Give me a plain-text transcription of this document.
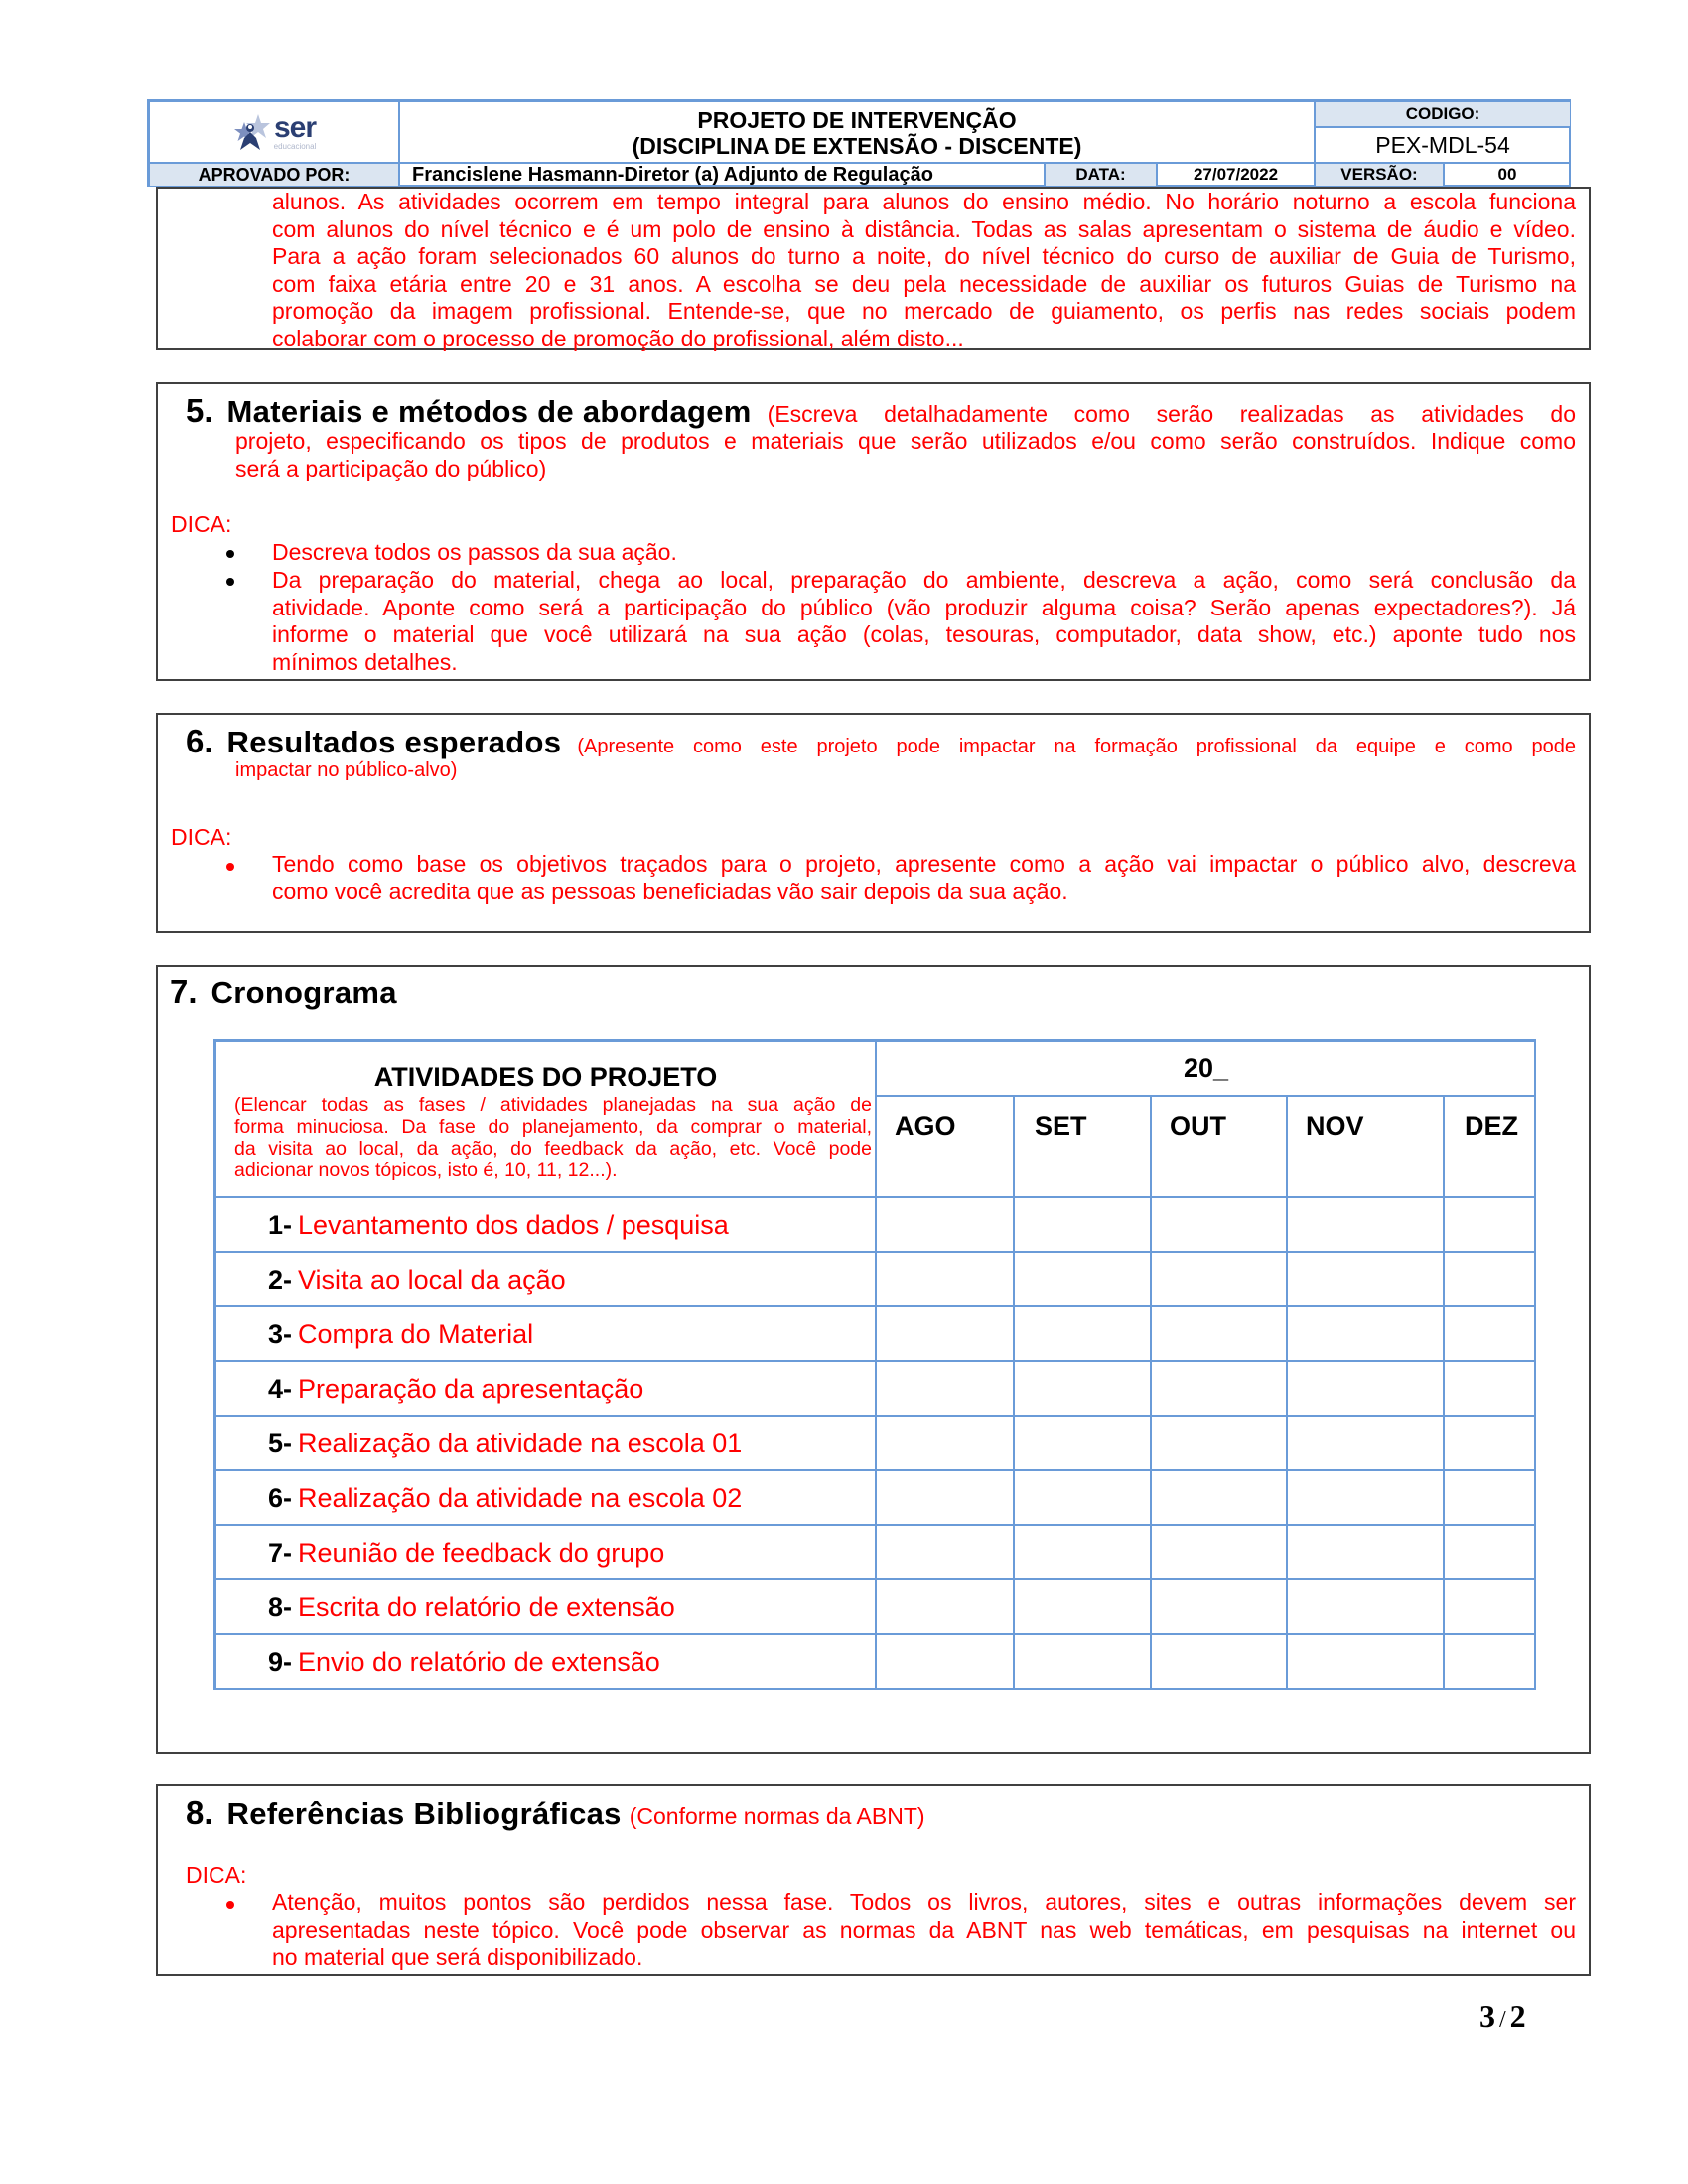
ser
educacional
PROJETO DE INTERVENÇÃO
(DISCIPLINA DE EXTENSÃO - DISCENTE)
CODIGO:
PEX-MDL-54
APROVADO POR:	Francislene Hasmann-Diretor (a) Adjunto de Regulação	DATA:	27/07/2022	VERSÃO:	00
alunos. As atividades ocorrem em tempo integral para alunos do ensino médio. No horário noturno a escola funciona
com alunos do nível técnico e é um polo de ensino à distância. Todas as salas apresentam o sistema de áudio e vídeo.
Para a ação foram selecionados 60 alunos do turno a noite, do nível técnico do curso de auxiliar de Guia de Turismo,
com faixa etária entre 20 e 31 anos. A escolha se deu pela necessidade de auxiliar os futuros Guias de Turismo na
promoção da imagem profissional. Entende-se, que no mercado de guiamento, os perfis nas redes sociais podem
colaborar com o processo de promoção do profissional, além disto...
5. Materiais e métodos de abordagem (Escreva detalhadamente como serão realizadas as atividades do
projeto, especificando os tipos de produtos e materiais que serão utilizados e/ou como serão construídos. Indique como
será a participação do público)
DICA:
Descreva todos os passos da sua ação.
Da preparação do material, chega ao local, preparação do ambiente, descreva a ação, como será conclusão da
atividade. Aponte como será a participação do público (vão produzir alguma coisa? Serão apenas expectadores?). Já
informe o material que você utilizará na sua ação (colas, tesouras, computador, data show, etc.) aponte tudo nos
mínimos detalhes.
6. Resultados esperados (Apresente como este projeto pode impactar na formação profissional da equipe e como pode
impactar no público-alvo)
DICA:
Tendo como base os objetivos traçados para o projeto, apresente como a ação vai impactar o público alvo, descreva
como você acredita que as pessoas beneficiadas vão sair depois da sua ação.
7. Cronograma
ATIVIDADES DO PROJETO
(Elencar todas as fases / atividades planejadas na sua ação de
forma minuciosa. Da fase do planejamento, da comprar o material,
da visita ao local, da ação, do feedback da ação, etc. Você pode
adicionar novos tópicos, isto é, 10, 11, 12...).
20_
AGO	SET	OUT	NOV	DEZ
1- Levantamento dos dados / pesquisa
2- Visita ao local da ação
3- Compra do Material
4- Preparação da apresentação
5- Realização da atividade na escola 01
6- Realização da atividade na escola 02
7- Reunião de feedback do grupo
8- Escrita do relatório de extensão
9- Envio do relatório de extensão
8. Referências Bibliográficas (Conforme normas da ABNT)
DICA:
Atenção, muitos pontos são perdidos nessa fase. Todos os livros, autores, sites e outras informações devem ser
apresentadas neste tópico. Você pode observar as normas da ABNT nas web temáticas, em pesquisas na internet ou
no material que será disponibilizado.
3 / 2
